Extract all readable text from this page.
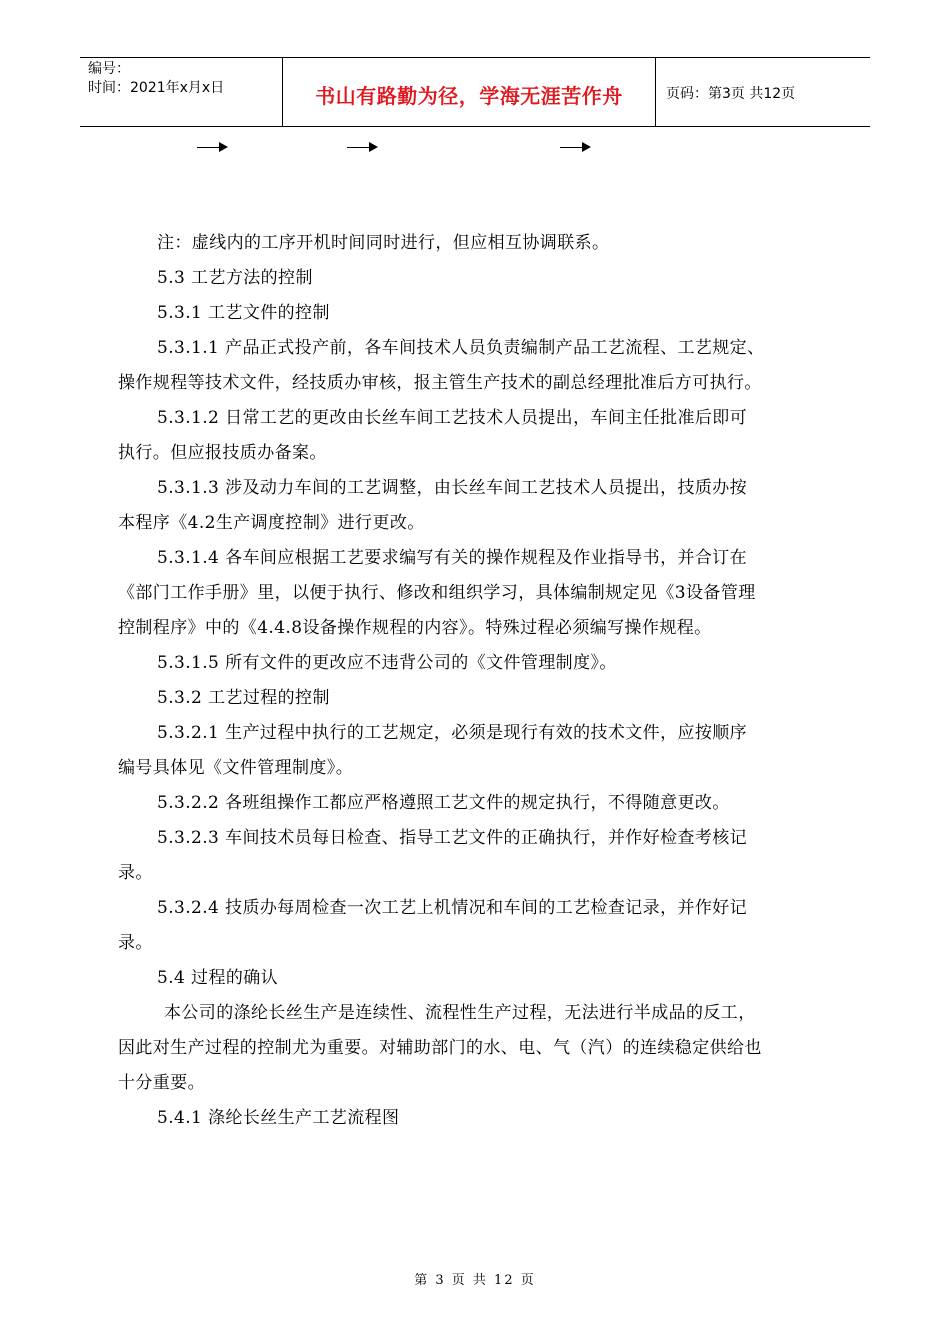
编号：
时间：2021年x月x日	书山有路勤为径，学海无涯苦作舟	页码：第3页 共12页
注：虚线内的工序开机时间同时进行，但应相互协调联系。
5.3 工艺方法的控制
5.3.1 工艺文件的控制
5.3.1.1 产品正式投产前，各车间技术人员负责编制产品工艺流程、工艺规定、
操作规程等技术文件，经技质办审核，报主管生产技术的副总经理批准后方可执行。
5.3.1.2 日常工艺的更改由长丝车间工艺技术人员提出，车间主任批准后即可
执行。但应报技质办备案。
5.3.1.3 涉及动力车间的工艺调整，由长丝车间工艺技术人员提出，技质办按
本程序《4.2生产调度控制》进行更改。
5.3.1.4 各车间应根据工艺要求编写有关的操作规程及作业指导书，并合订在
《部门工作手册》里，以便于执行、修改和组织学习，具体编制规定见《3设备管理
控制程序》中的《4.4.8设备操作规程的内容》。特殊过程必须编写操作规程。
5.3.1.5 所有文件的更改应不违背公司的《文件管理制度》。
5.3.2 工艺过程的控制
5.3.2.1 生产过程中执行的工艺规定，必须是现行有效的技术文件，应按顺序
编号具体见《文件管理制度》。
5.3.2.2 各班组操作工都应严格遵照工艺文件的规定执行，不得随意更改。
5.3.2.3 车间技术员每日检查、指导工艺文件的正确执行，并作好检查考核记
录。
5.3.2.4 技质办每周检查一次工艺上机情况和车间的工艺检查记录，并作好记
录。
5.4 过程的确认
本公司的涤纶长丝生产是连续性、流程性生产过程，无法进行半成品的反工，
因此对生产过程的控制尤为重要。对辅助部门的水、电、气（汽）的连续稳定供给也
十分重要。
5.4.1 涤纶长丝生产工艺流程图
第 3 页 共 12 页
